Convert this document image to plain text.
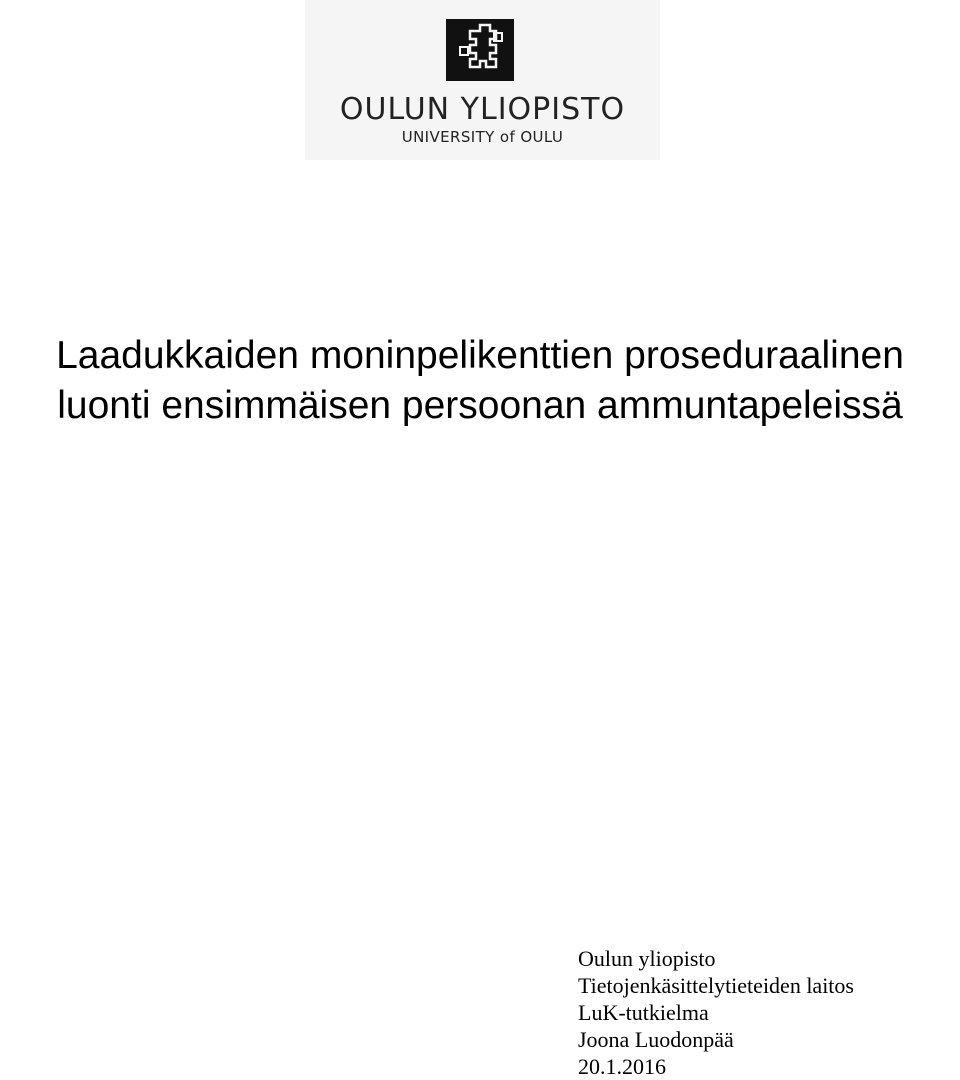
OULUN YLIOPISTO
UNIVERSITY of OULU
Laadukkaiden moninpelikenttien proseduraalinen
luonti ensimmäisen persoonan ammuntapeleissä
Oulun yliopisto
Tietojenkäsittelytieteiden laitos
LuK-tutkielma
Joona Luodonpää
20.1.2016
